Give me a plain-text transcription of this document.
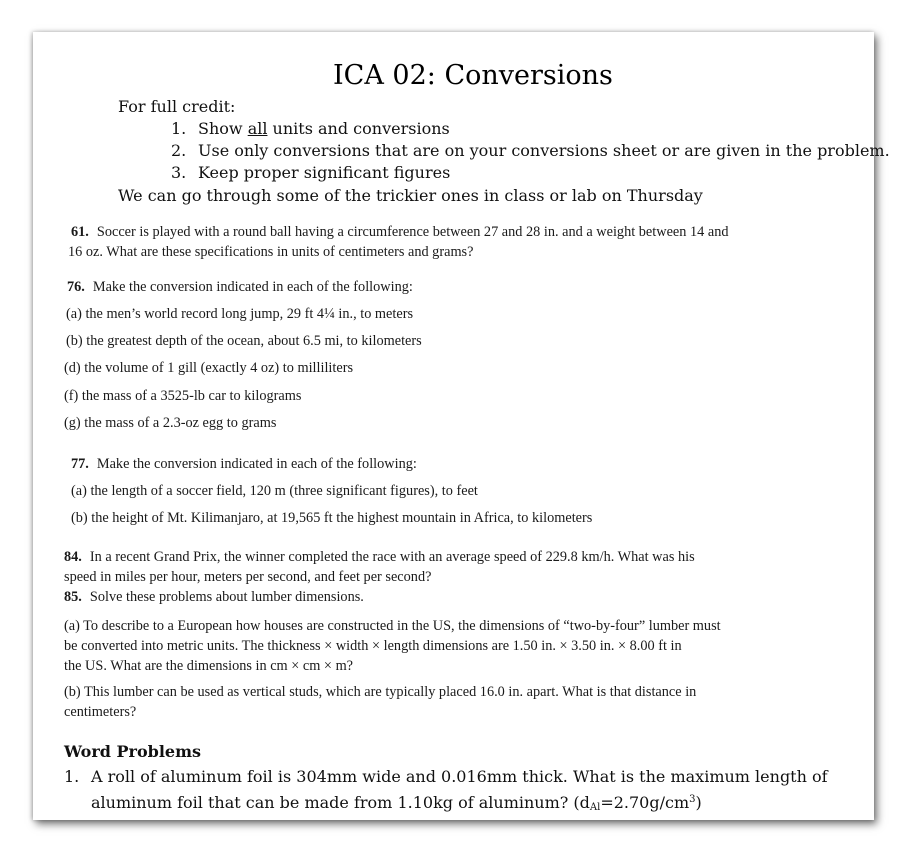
ICA 02: Conversions
For full credit:
1. Show all units and conversions
2. Use only conversions that are on your conversions sheet or are given in the problem.
3. Keep proper significant figures
We can go through some of the trickier ones in class or lab on Thursday
61. Soccer is played with a round ball having a circumference between 27 and 28 in. and a weight between 14 and
16 oz. What are these specifications in units of centimeters and grams?
76. Make the conversion indicated in each of the following:
(a) the men’s world record long jump, 29 ft 4¼ in., to meters
(b) the greatest depth of the ocean, about 6.5 mi, to kilometers
(d) the volume of 1 gill (exactly 4 oz) to milliliters
(f) the mass of a 3525-lb car to kilograms
(g) the mass of a 2.3-oz egg to grams
77. Make the conversion indicated in each of the following:
(a) the length of a soccer field, 120 m (three significant figures), to feet
(b) the height of Mt. Kilimanjaro, at 19,565 ft the highest mountain in Africa, to kilometers
84. In a recent Grand Prix, the winner completed the race with an average speed of 229.8 km/h. What was his
speed in miles per hour, meters per second, and feet per second?
85. Solve these problems about lumber dimensions.
(a) To describe to a European how houses are constructed in the US, the dimensions of “two-by-four” lumber must
be converted into metric units. The thickness × width × length dimensions are 1.50 in. × 3.50 in. × 8.00 ft in
the US. What are the dimensions in cm × cm × m?
(b) This lumber can be used as vertical studs, which are typically placed 16.0 in. apart. What is that distance in
centimeters?
Word Problems
1. A roll of aluminum foil is 304mm wide and 0.016mm thick. What is the maximum length of
aluminum foil that can be made from 1.10kg of aluminum? $(d_{Al}=2.70g/cm^3)$
